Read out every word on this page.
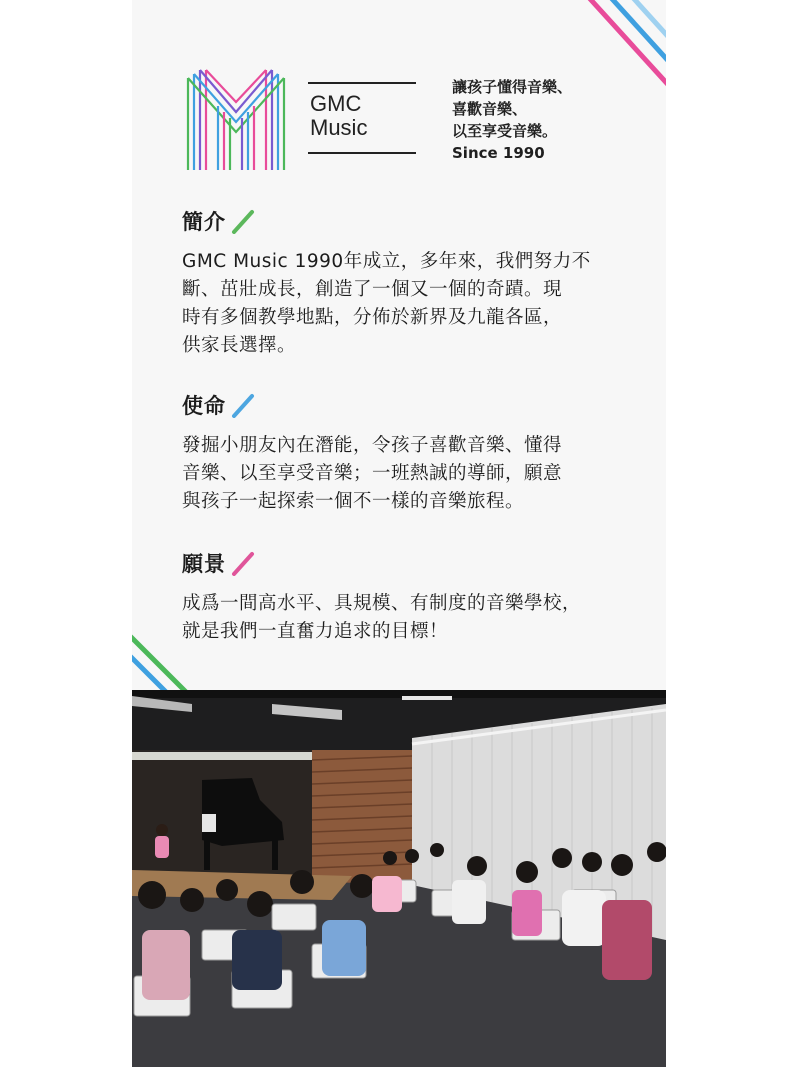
GMC
Music
讓孩子懂得音樂、
喜歡音樂、
以至享受音樂。
Since 1990
簡介
GMC Music 1990年成立，多年來，我們努力不
斷、茁壯成長，創造了一個又一個的奇蹟。現
時有多個教學地點，分佈於新界及九龍各區，
供家長選擇。
使命
發掘小朋友內在潛能，令孩子喜歡音樂、懂得
音樂、以至享受音樂；一班熱誠的導師，願意
與孩子一起探索一個不一樣的音樂旅程。
願景
成爲一間高水平、具規模、有制度的音樂學校，
就是我們一直奮力追求的目標！
